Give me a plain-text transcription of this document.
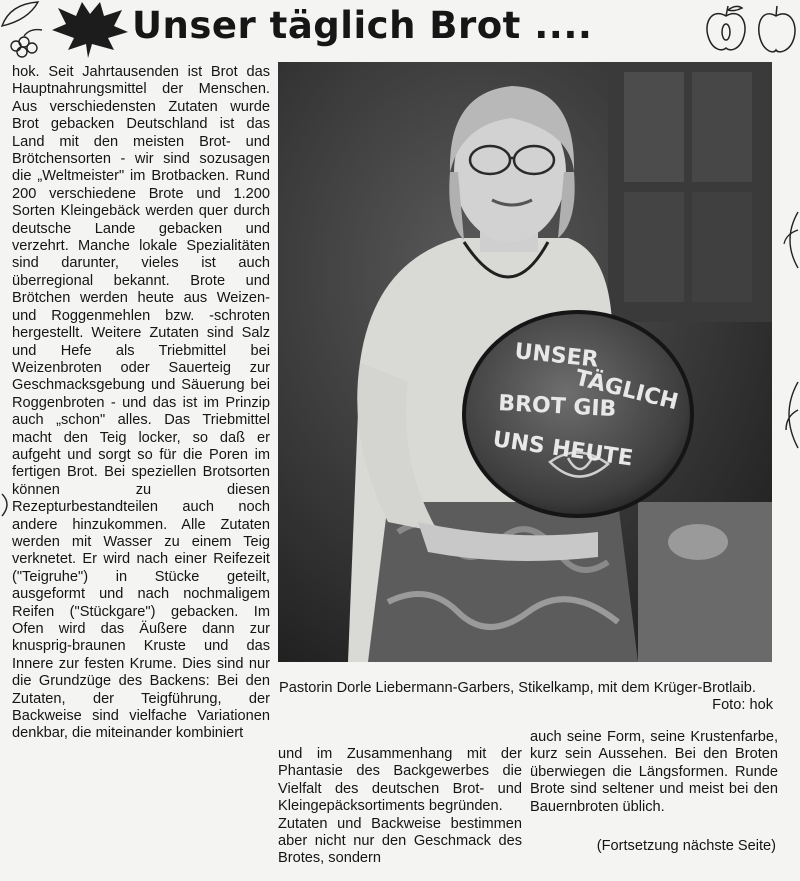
Unser täglich Brot ....

hok. Seit Jahrtausenden ist Brot das Hauptnahrungsmittel der Menschen. Aus verschiedensten Zutaten wurde Brot gebacken Deutschland ist das Land mit den meisten Brot- und Brötchensorten - wir sind sozusagen die „Weltmeister" im Brotbacken. Rund 200 verschiedene Brote und 1.200 Sorten Kleingebäck werden quer durch deutsche Lande gebacken und verzehrt. Manche lokale Spezialitäten sind darunter, vieles ist auch überregional bekannt. Brote und Brötchen werden heute aus Weizen- und Roggenmehlen bzw. -schroten hergestellt. Weitere Zutaten sind Salz und Hefe als Triebmittel bei Weizenbroten oder Sauerteig zur Geschmacksgebung und Säuerung bei Roggenbroten - und das ist im Prinzip auch „schon" alles. Das Triebmittel macht den Teig locker, so daß er aufgeht und sorgt so für die Poren im fertigen Brot. Bei speziellen Brotsorten können zu diesen Rezepturbestandteilen auch noch andere hinzukommen. Alle Zutaten werden mit Wasser zu einem Teig verknetet. Er wird nach einer Reifezeit ("Teigruhe") in Stücke geteilt, ausgeformt und nach nochmaligem Reifen ("Stückgare") gebacken. Im Ofen wird das Äußere dann zur knusprig-braunen Kruste und das Innere zur festen Krume. Dies sind nur die Grundzüge des Backens: Bei den Zutaten, der Teigführung, der Backweise sind vielfache Variationen denkbar, die miteinander kombiniert

UNSER
TÄGLICH
BROT GIB
UNS HEUTE
Pastorin Dorle Liebermann-Garbers, Stikelkamp, mit dem Krüger-Brotlaib.
Foto: hok

und im Zusammenhang mit der Phantasie des Backgewerbes die Vielfalt des deutschen Brot- und Kleingepäcksortiments begründen.

Zutaten und Backweise bestimmen aber nicht nur den Geschmack des Brotes, sondern

auch seine Form, seine Krustenfarbe, kurz sein Aussehen. Bei den Broten überwiegen die Längsformen. Runde Brote sind seltener und meist bei den Bauernbroten üblich.

(Fortsetzung nächste Seite)
